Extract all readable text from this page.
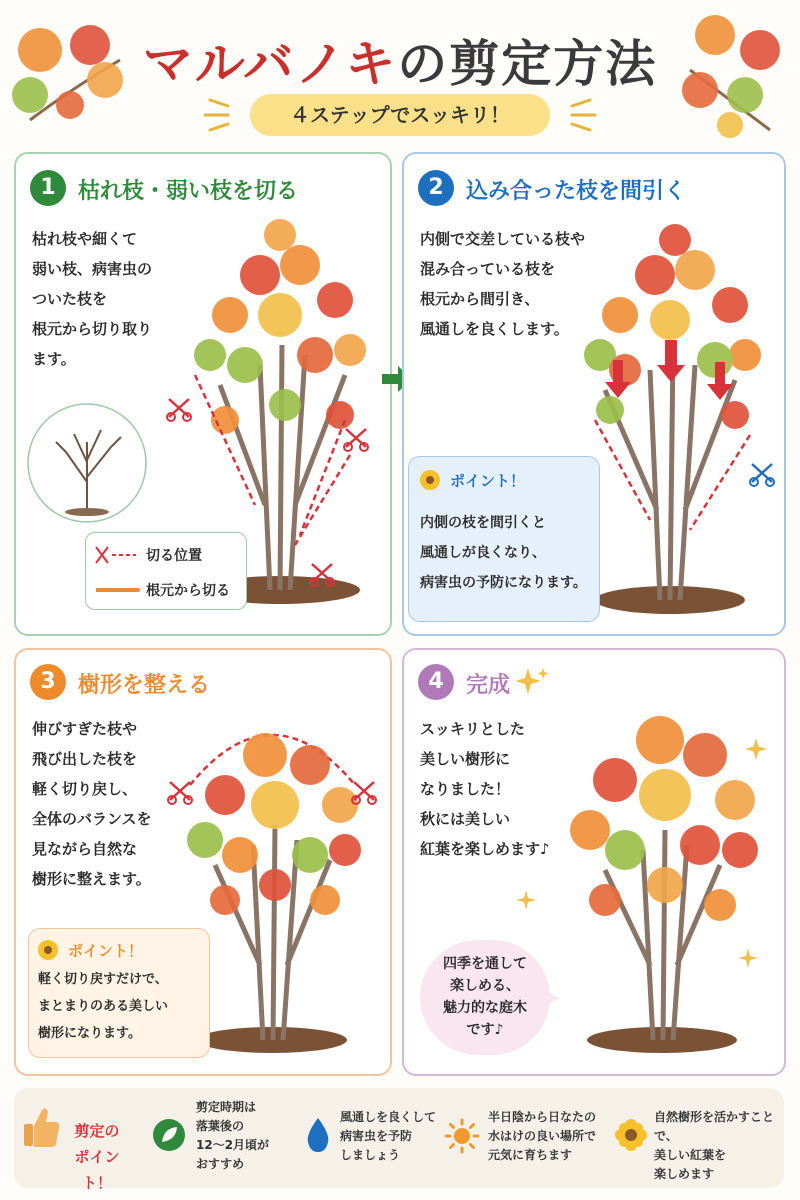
マルバノキの剪定方法
４ステップでスッキリ！
1	枯れ枝・弱い枝を切る
枯れ枝や細くて
弱い枝、病害虫の
ついた枝を
根元から切り取り
ます。
切る位置
根元から切る
2	込み合った枝を間引く
内側で交差している枝や
混み合っている枝を
根元から間引き、
風通しを良くします。
ポイント！
内側の枝を間引くと
風通しが良くなり、
病害虫の予防になります。
3	樹形を整える
伸びすぎた枝や
飛び出した枝を
軽く切り戻し、
全体のバランスを
見ながら自然な
樹形に整えます。
ポイント！
軽く切り戻すだけで、
まとまりのある美しい
樹形になります。
4	完成
スッキリとした
美しい樹形に
なりました！
秋には美しい
紅葉を楽しめます♪
四季を通して
楽しめる、
魅力的な庭木
です♪
剪定の
ポイント！
剪定時期は
落葉後の
12～2月頃が
おすすめ
風通しを良くして
病害虫を予防
しましょう
半日陰から日なたの
水はけの良い場所で
元気に育ちます
自然樹形を活かすことで、
美しい紅葉を
楽しめます
